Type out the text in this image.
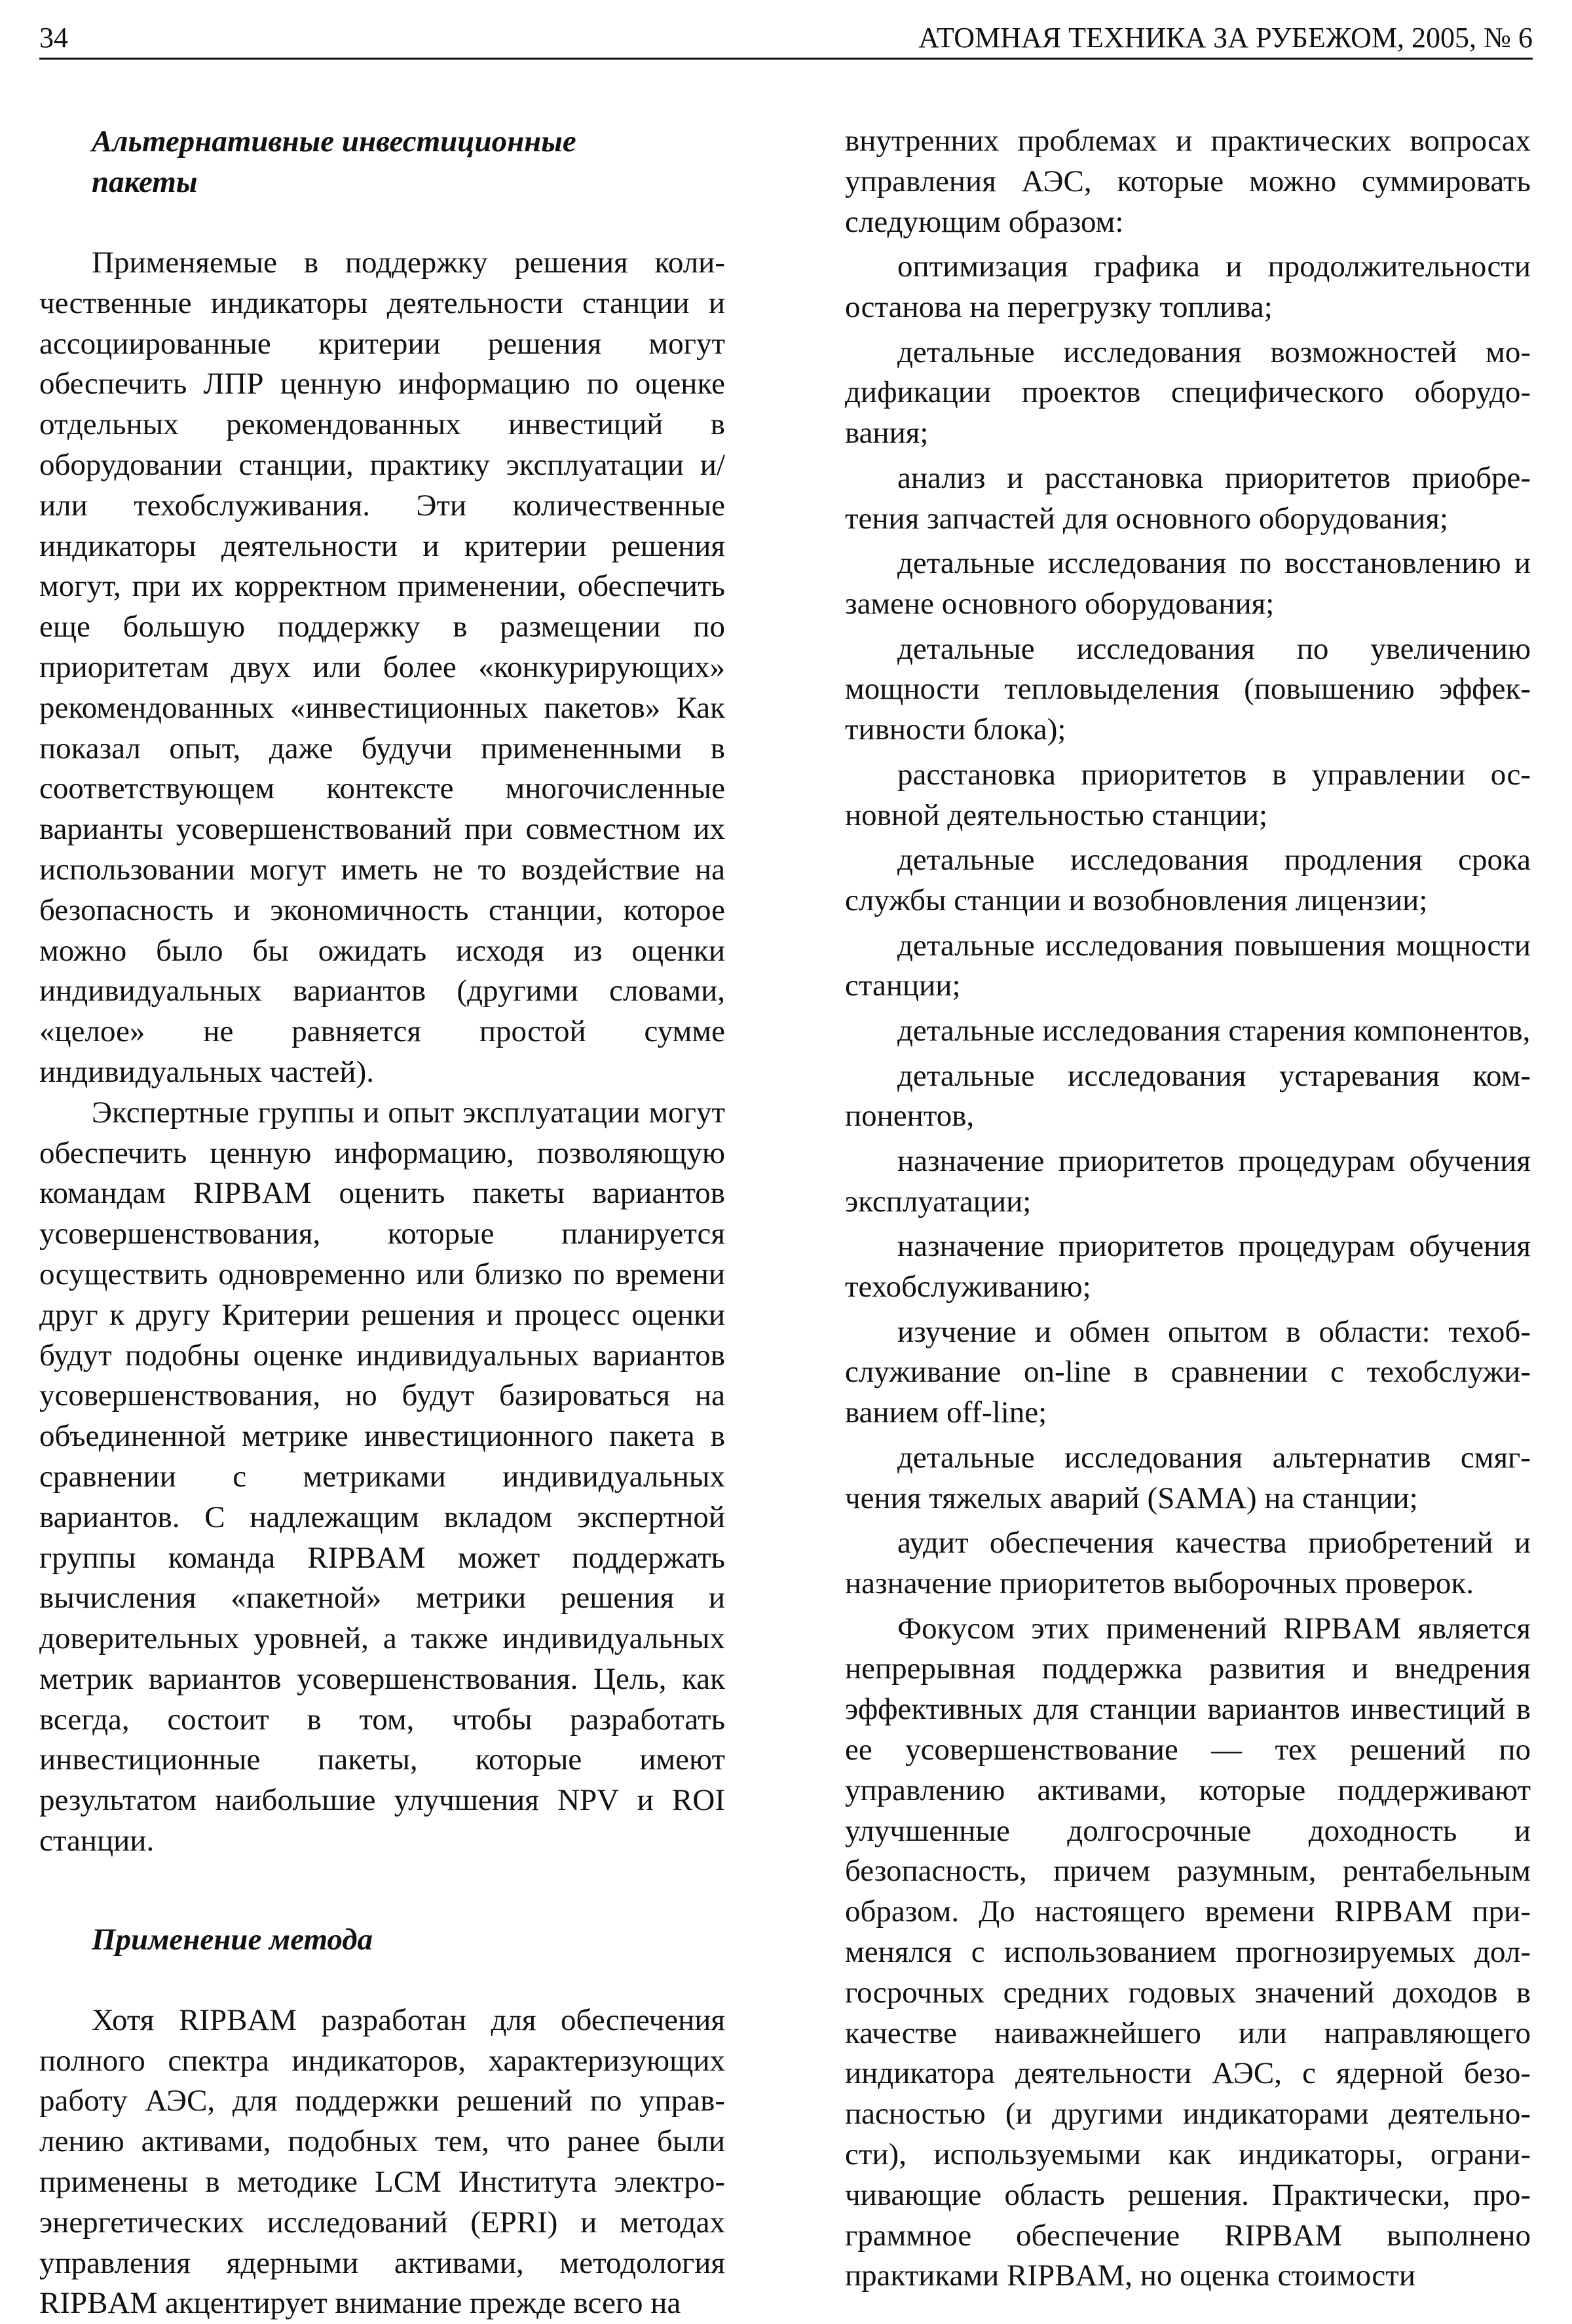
34	АТОМНАЯ ТЕХНИКА ЗА РУБЕЖОМ, 2005, № 6
Альтернативные инвестиционные пакеты

Применяемые в поддержку решения количественные индикаторы деятельности станции и ассоциированные критерии решения могут обеспечить ЛПР ценную информацию по оценке отдельных рекомендованных инвестиций в оборудовании станции, практику эксплуатации и/или техобслуживания. Эти количественные индикаторы деятельности и критерии решения могут, при их корректном применении, обеспечить еще большую поддержку в размещении по приоритетам двух или более «конкурирующих» рекомендованных «инвестиционных пакетов» Как показал опыт, даже будучи примененными в соответствующем контексте многочисленные варианты усовершенствований при совместном их использовании могут иметь не то воздействие на безопасность и экономичность станции, которое можно было бы ожидать исходя из оценки индивидуальных вариантов (другими словами, «целое» не равняется простой сумме индивидуальных частей).

Экспертные группы и опыт эксплуатации могут обеспечить ценную информацию, позволяющую командам RIPBAM оценить пакеты вариантов усовершенствования, которые планируется осуществить одновременно или близко по времени друг к другу Критерии решения и процесс оценки будут подобны оценке индивидуальных вариантов усовершенствования, но будут базироваться на объединенной метрике инвестиционного пакета в сравнении с метриками индивидуальных вариантов. С надлежащим вкладом экспертной группы команда RIPBAM может поддержать вычисления «пакетной» метрики решения и доверительных уровней, а также индивидуальных метрик вариантов усовершенствования. Цель, как всегда, состоит в том, чтобы разработать инвестиционные пакеты, которые имеют результатом наибольшие улучшения NPV и ROI станции.

Применение метода

Хотя RIPBAM разработан для обеспечения полного спектра индикаторов, характеризующих работу АЭС, для поддержки решений по управлению активами, подобных тем, что ранее были применены в методике LCM Института электроэнергетических исследований (EPRI) и методах управления ядерными активами, методология RIPBAM акцентирует внимание прежде всего на

внутренних проблемах и практических вопросах управления АЭС, которые можно суммировать следующим образом:

оптимизация графика и продолжительности останова на перегрузку топлива;

детальные исследования возможностей модификации проектов специфического оборудования;

анализ и расстановка приоритетов приобретения запчастей для основного оборудования;

детальные исследования по восстановлению и замене основного оборудования;

детальные исследования по увеличению мощности тепловыделения (повышению эффективности блока);

расстановка приоритетов в управлении основной деятельностью станции;

детальные исследования продления срока службы станции и возобновления лицензии;

детальные исследования повышения мощности станции;

детальные исследования старения компонентов,

детальные исследования устаревания компонентов,

назначение приоритетов процедурам обучения эксплуатации;

назначение приоритетов процедурам обучения техобслуживанию;

изучение и обмен опытом в области: техобслуживание on-line в сравнении с техобслуживанием off-line;

детальные исследования альтернатив смягчения тяжелых аварий (SAMA) на станции;

аудит обеспечения качества приобретений и назначение приоритетов выборочных проверок.

Фокусом этих применений RIPBAM является непрерывная поддержка развития и внедрения эффективных для станции вариантов инвестиций в ее усовершенствование — тех решений по управлению активами, которые поддерживают улучшенные долгосрочные доходность и безопасность, причем разумным, рентабельным образом. До настоящего времени RIPBAM применялся с использованием прогнозируемых долгосрочных средних годовых значений доходов в качестве наиважнейшего или направляющего индикатора деятельности АЭС, с ядерной безопасностью (и другими индикаторами деятельности), используемыми как индикаторы, ограничивающие область решения. Практически, программное обеспечение RIPBAM выполнено практиками RIPBAM, но оценка стоимости
